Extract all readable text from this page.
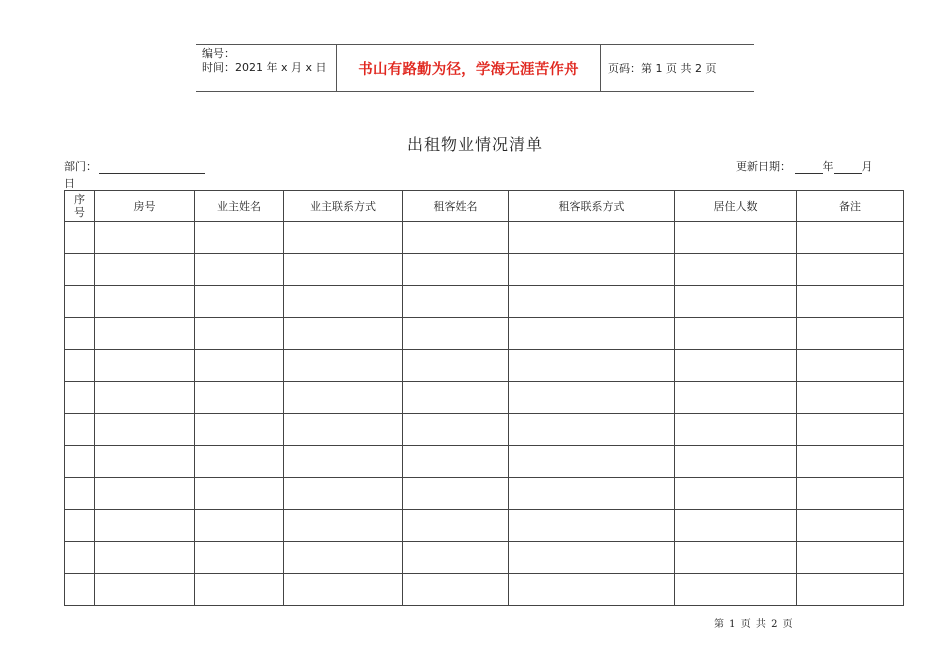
编号：
时间：2021 年 x 月 x 日	书山有路勤为径，学海无涯苦作舟	页码：第 1 页 共 2 页
出租物业情况清单
部门：	更新日期：	年	月
日
序号	房号	业主姓名	业主联系方式	租客姓名	租客联系方式	居住人数	备注

第 1 页 共 2 页
